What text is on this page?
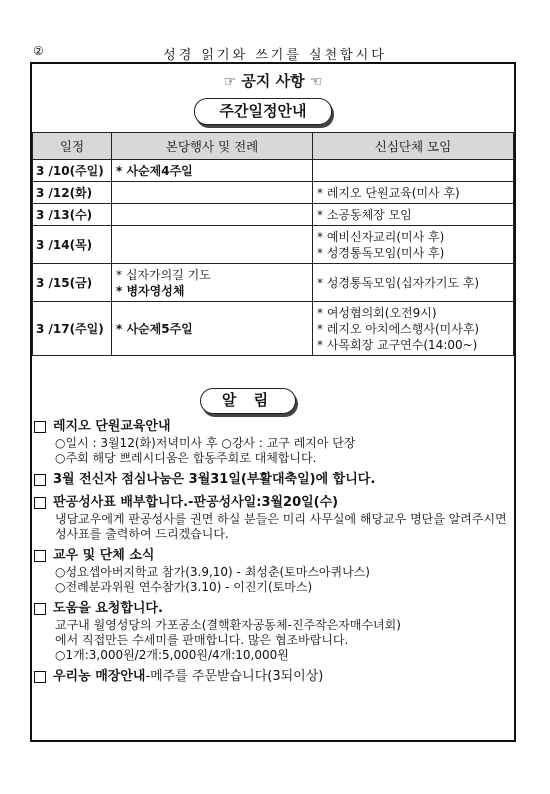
②	성경 읽기와 쓰기를 실천합시다
☞ 공지 사항 ☜
주간일정안내
일정	본당행사 및 전례	신심단체 모임
3 /10(주일)	* 사순제4주일	

3 /12(화)		* 레지오 단원교육(미사 후)

3 /13(수)		* 소공동체장 모임

3 /14(목)		* 예비신자교리(미사 후)
* 성경통독모임(미사 후)

3 /15(금)	* 십자가의길 기도
* 병자영성체	* 성경통독모임(십자가기도 후)

3 /17(주일)	* 사순제5주일	* 여성협의회(오전9시)
* 레지오 아치에스행사(미사후)
* 사목회장 교구연수(14:00~)
알 림
레지오 단원교육안내
○일시 : 3월12(화)저녁미사 후 ○강사 : 교구 레지아 단장
○주회 해당 쁘레시디움은 합동주회로 대체합니다.
3월 전신자 점심나눔은 3월31일(부활대축일)에 합니다.
판공성사표 배부합니다.-판공성사일:3월20일(수)
냉담교우에게 판공성사를 권면 하실 분들은 미리 사무실에 해당교우 명단을 알려주시면 성사표를 출력하여 드리겠습니다.
교우 및 단체 소식
○성요셉아버지학교 참가(3.9,10) - 최성춘(토마스아퀴나스)
○전례분과위원 연수참가(3.10) - 이진기(토마스)
도움을 요청합니다.
교구내 월영성당의 가포공소(결핵환자공동체-진주작은자매수녀회)
에서 직접만든 수세미를 판매합니다. 많은 협조바랍니다.
○1개:3,000원/2개:5,000원/4개:10,000원
우리농 매장안내 -메주를 주문받습니다(3되이상)
